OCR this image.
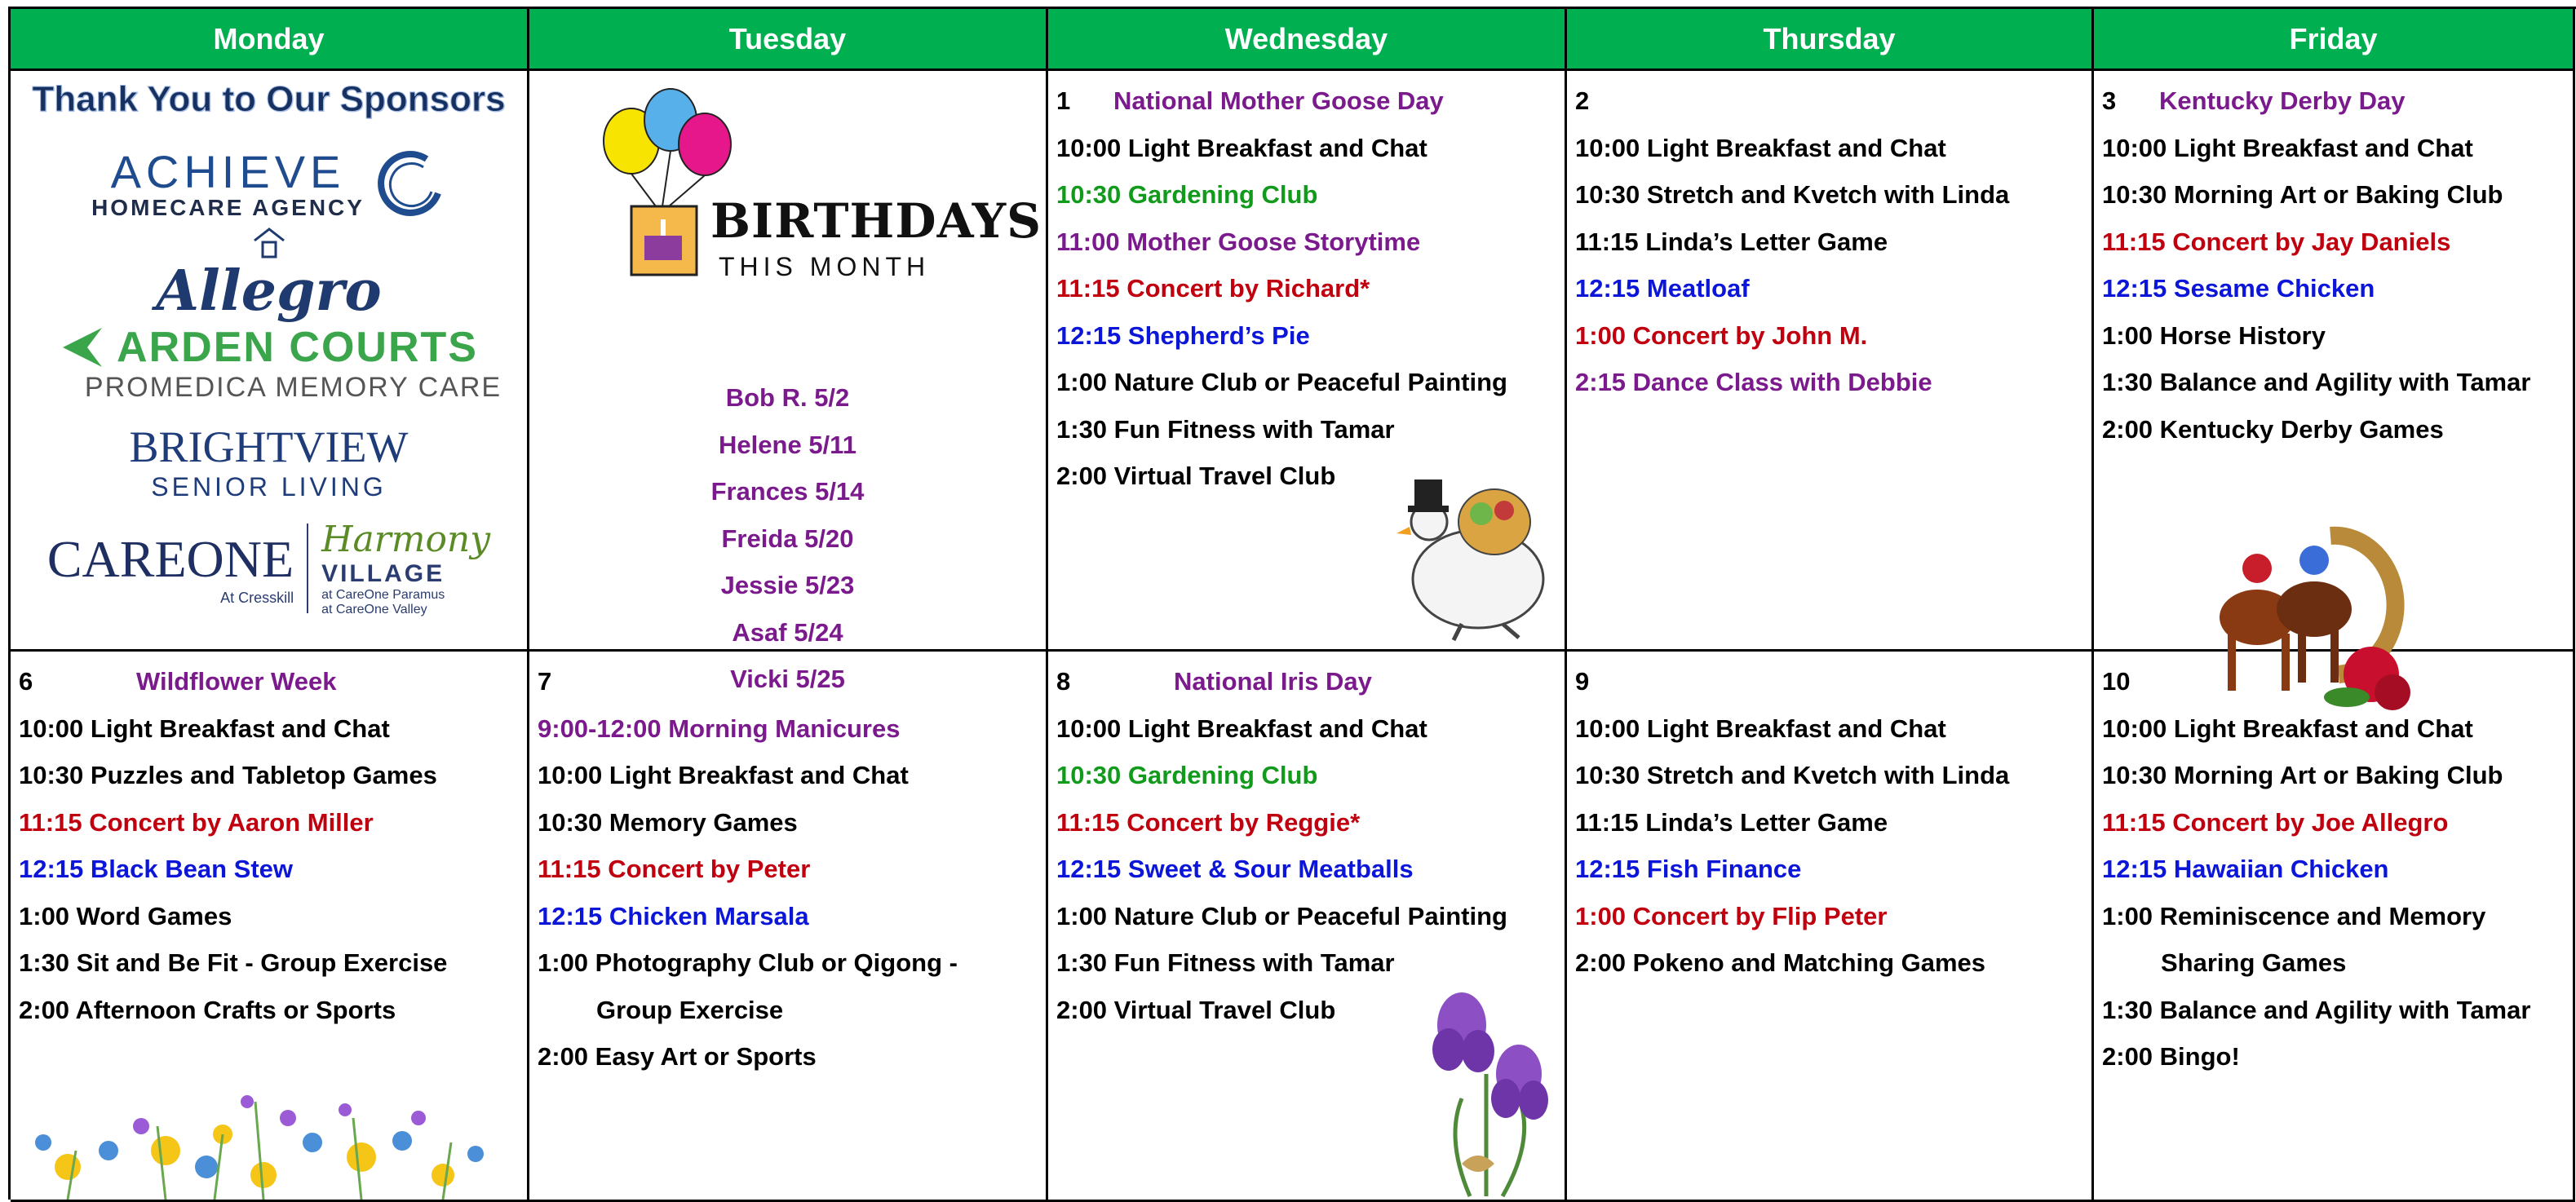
Monday	Tuesday	Wednesday	Thursday	Friday
Thank You to Our Sponsors
ACHIEVE
HOMECARE AGENCY
Allegro
ARDEN COURTS
PROMEDICA MEMORY CARE
BRIGHTVIEW
SENIOR LIVING
CAREONE
At Cresskill
Harmony
VILLAGE
at CareOne Paramus
at CareOne Valley
BIRTHDAYS
THIS MONTH
Bob R. 5/2
Helene 5/11
Frances 5/14
Freida 5/20
Jessie 5/23
Asaf 5/24
Vicki 5/25
1 National Mother Goose Day
10:00 Light Breakfast and Chat
10:30 Gardening Club
11:00 Mother Goose Storytime
11:15 Concert by Richard*
12:15 Shepherd’s Pie
1:00 Nature Club or Peaceful Painting
1:30 Fun Fitness with Tamar
2:00 Virtual Travel Club
2
10:00 Light Breakfast and Chat
10:30 Stretch and Kvetch with Linda
11:15 Linda’s Letter Game
12:15 Meatloaf
1:00 Concert by John M.
2:15 Dance Class with Debbie
3 Kentucky Derby Day
10:00 Light Breakfast and Chat
10:30 Morning Art or Baking Club
11:15 Concert by Jay Daniels
12:15 Sesame Chicken
1:00 Horse History
1:30 Balance and Agility with Tamar
2:00 Kentucky Derby Games
6	Wildflower Week
10:00 Light Breakfast and Chat
10:30 Puzzles and Tabletop Games
11:15 Concert by Aaron Miller
12:15 Black Bean Stew
1:00 Word Games
1:30 Sit and Be Fit - Group Exercise
2:00 Afternoon Crafts or Sports
7
9:00-12:00 Morning Manicures
10:00 Light Breakfast and Chat
10:30 Memory Games
11:15 Concert by Peter
12:15 Chicken Marsala
1:00 Photography Club or Qigong -
Group Exercise
2:00 Easy Art or Sports
8	National Iris Day
10:00 Light Breakfast and Chat
10:30 Gardening Club
11:15 Concert by Reggie*
12:15 Sweet & Sour Meatballs
1:00 Nature Club or Peaceful Painting
1:30 Fun Fitness with Tamar
2:00 Virtual Travel Club
9
10:00 Light Breakfast and Chat
10:30 Stretch and Kvetch with Linda
11:15 Linda’s Letter Game
12:15 Fish Finance
1:00 Concert by Flip Peter
2:00 Pokeno and Matching Games
10
10:00 Light Breakfast and Chat
10:30 Morning Art or Baking Club
11:15 Concert by Joe Allegro
12:15 Hawaiian Chicken
1:00 Reminiscence and Memory
Sharing Games
1:30 Balance and Agility with Tamar
2:00 Bingo!
